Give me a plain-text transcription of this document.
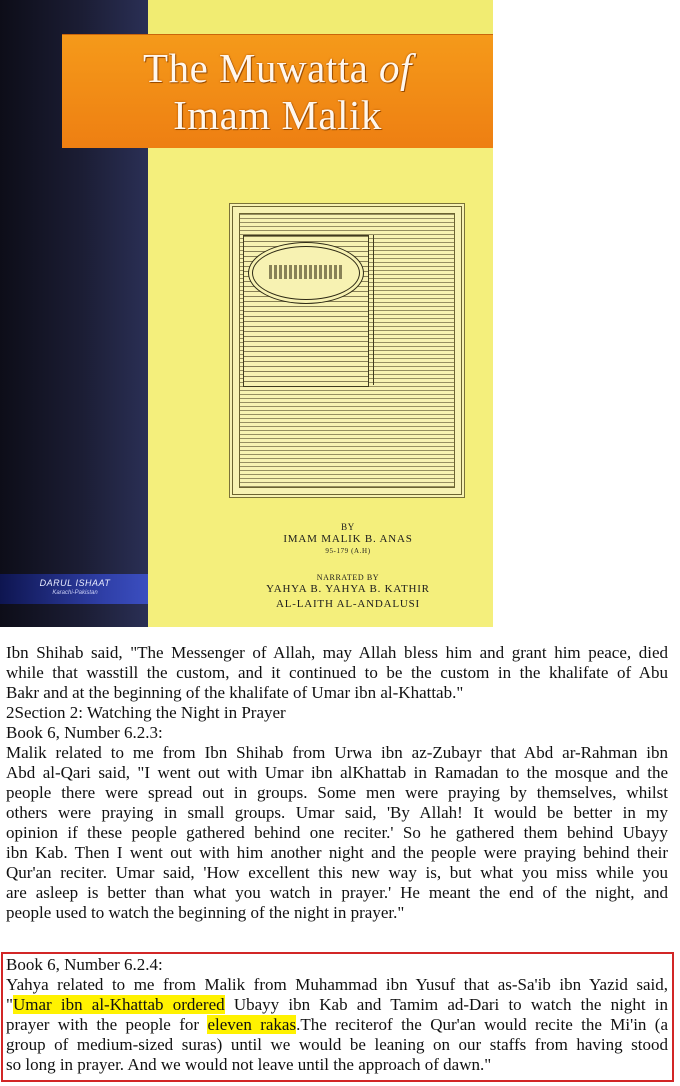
The Muwatta of
Imam Malik
BY
IMAM MALIK B. ANAS
95-179 (A.H)
NARRATED BY
YAHYA B. YAHYA B. KATHIR
AL-LAITH AL-ANDALUSI
DARUL ISHAAT
Karachi-Pakistan
Ibn Shihab said, "The Messenger of Allah, may Allah bless him and grant him peace, died
while that wasstill the custom, and it continued to be the custom in the khalifate of Abu
Bakr and at the beginning of the khalifate of Umar ibn al-Khattab."
2Section 2: Watching the Night in Prayer
Book 6, Number 6.2.3:
Malik related to me from Ibn Shihab from Urwa ibn az-Zubayr that Abd ar-Rahman ibn
Abd al-Qari said, "I went out with Umar ibn alKhattab in Ramadan to the mosque and the
people there were spread out in groups. Some men were praying by themselves, whilst
others were praying in small groups. Umar said, 'By Allah! It would be better in my
opinion if these people gathered behind one reciter.' So he gathered them behind Ubayy
ibn Kab. Then I went out with him another night and the people were praying behind their
Qur'an reciter. Umar said, 'How excellent this new way is, but what you miss while you
are asleep is better than what you watch in prayer.' He meant the end of the night, and
people used to watch the beginning of the night in prayer."
Book 6, Number 6.2.4:
Yahya related to me from Malik from Muhammad ibn Yusuf that as-Sa'ib ibn Yazid said,
"Umar ibn al-Khattab ordered Ubayy ibn Kab and Tamim ad-Dari to watch the night in
prayer with the people for eleven rakas.The reciterof the Qur'an would recite the Mi'in (a
group of medium-sized suras) until we would be leaning on our staffs from having stood
so long in prayer. And we would not leave until the approach of dawn."
